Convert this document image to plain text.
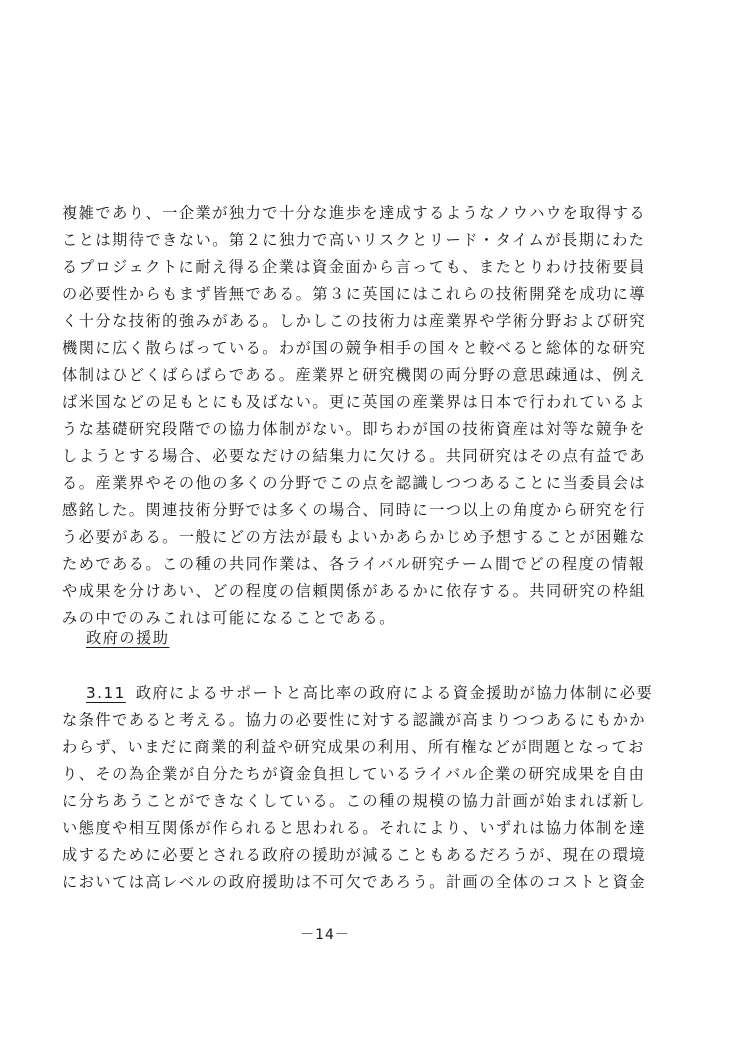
複雑であり、一企業が独力で十分な進歩を達成するようなノウハウを取得する
ことは期待できない。第２に独力で高いリスクとリード・タイムが長期にわた
るプロジェクトに耐え得る企業は資金面から言っても、またとりわけ技術要員
の必要性からもまず皆無である。第３に英国にはこれらの技術開発を成功に導
く十分な技術的強みがある。しかしこの技術力は産業界や学術分野および研究
機関に広く散らばっている。わが国の競争相手の国々と較べると総体的な研究
体制はひどくばらばらである。産業界と研究機関の両分野の意思疎通は、例え
ば米国などの足もとにも及ばない。更に英国の産業界は日本で行われているよ
うな基礎研究段階での協力体制がない。即ちわが国の技術資産は対等な競争を
しようとする場合、必要なだけの結集力に欠ける。共同研究はその点有益であ
る。産業界やその他の多くの分野でこの点を認識しつつあることに当委員会は
感銘した。関連技術分野では多くの場合、同時に一つ以上の角度から研究を行
う必要がある。一般にどの方法が最もよいかあらかじめ予想することが困難な
ためである。この種の共同作業は、各ライバル研究チーム間でどの程度の情報
や成果を分けあい、どの程度の信頼関係があるかに依存する。共同研究の枠組
みの中でのみこれは可能になることである。
政府の援助
3.11 政府によるサポートと高比率の政府による資金援助が協力体制に必要
な条件であると考える。協力の必要性に対する認識が高まりつつあるにもかか
わらず、いまだに商業的利益や研究成果の利用、所有権などが問題となってお
り、その為企業が自分たちが資金負担しているライバル企業の研究成果を自由
に分ちあうことができなくしている。この種の規模の協力計画が始まれば新し
い態度や相互関係が作られると思われる。それにより、いずれは協力体制を達
成するために必要とされる政府の援助が減ることもあるだろうが、現在の環境
においては高レベルの政府援助は不可欠であろう。計画の全体のコストと資金
－14－
